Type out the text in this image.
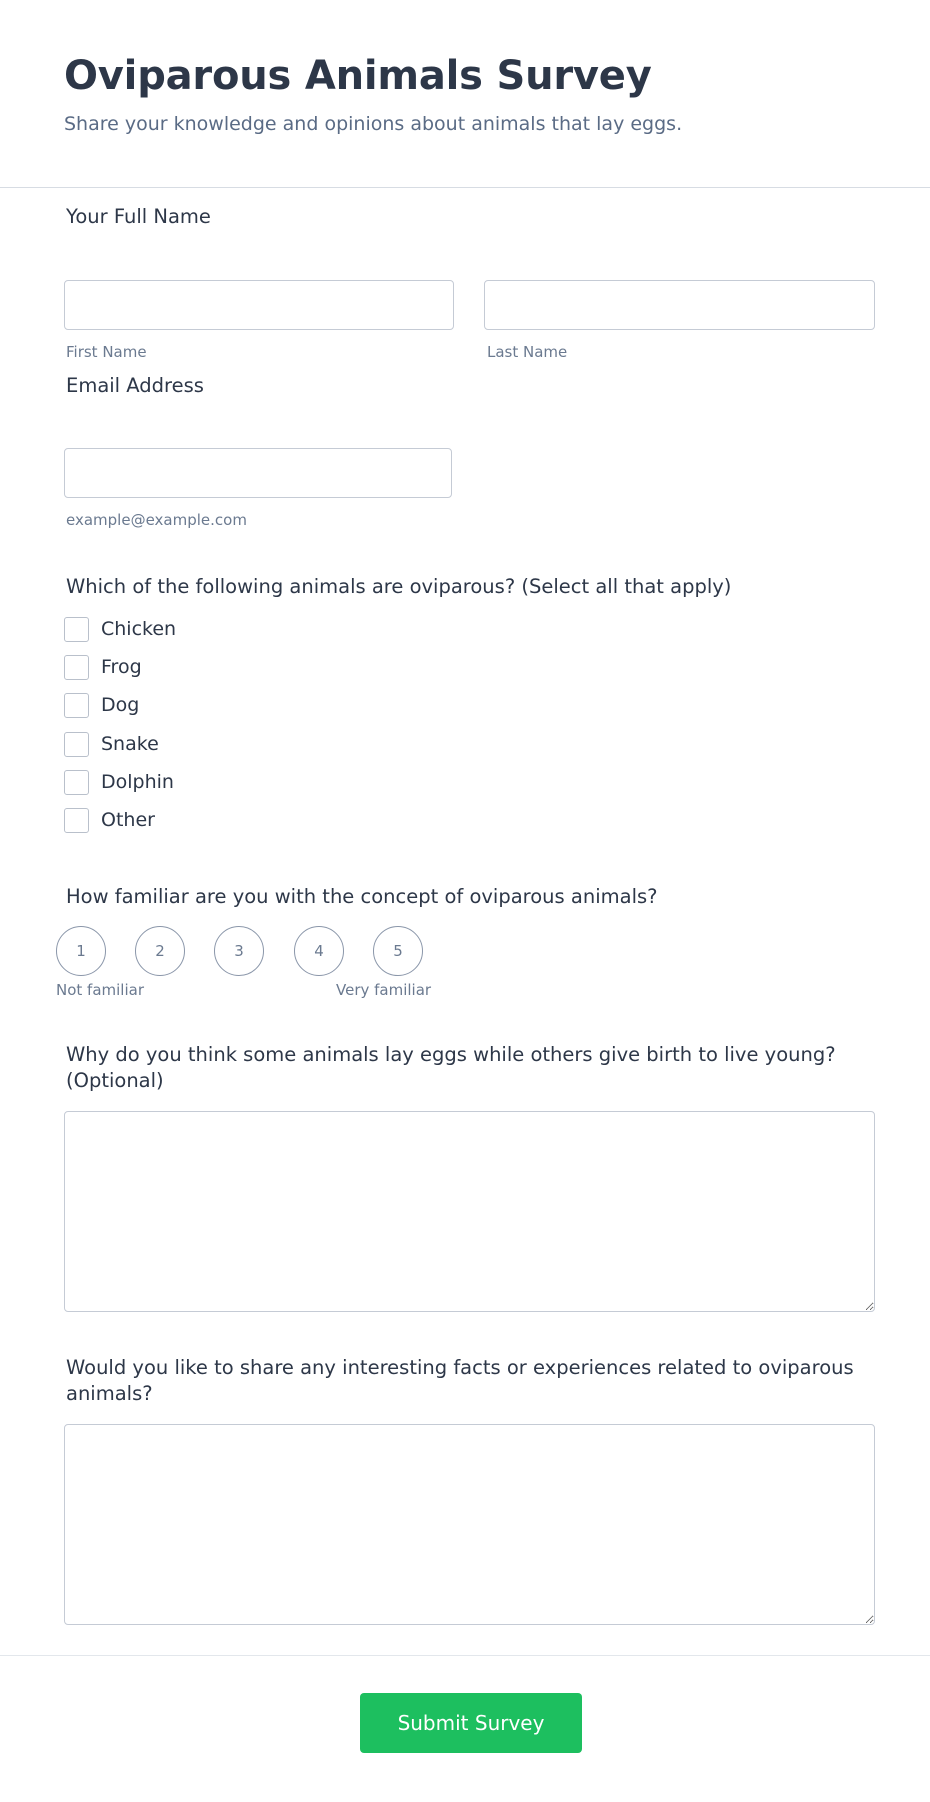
Oviparous Animals Survey

Share your knowledge and opinions about animals that lay eggs.

Your Full Name
First Name	Last Name
Email Address
example@example.com
Which of the following animals are oviparous? (Select all that apply)
Chicken
Frog
Dog
Snake
Dolphin
Other
How familiar are you with the concept of oviparous animals?
1	2	3	4	5
Not familiar	Very familiar
Why do you think some animals lay eggs while others give birth to live young? (Optional)
Would you like to share any interesting facts or experiences related to oviparous animals?
Submit Survey
